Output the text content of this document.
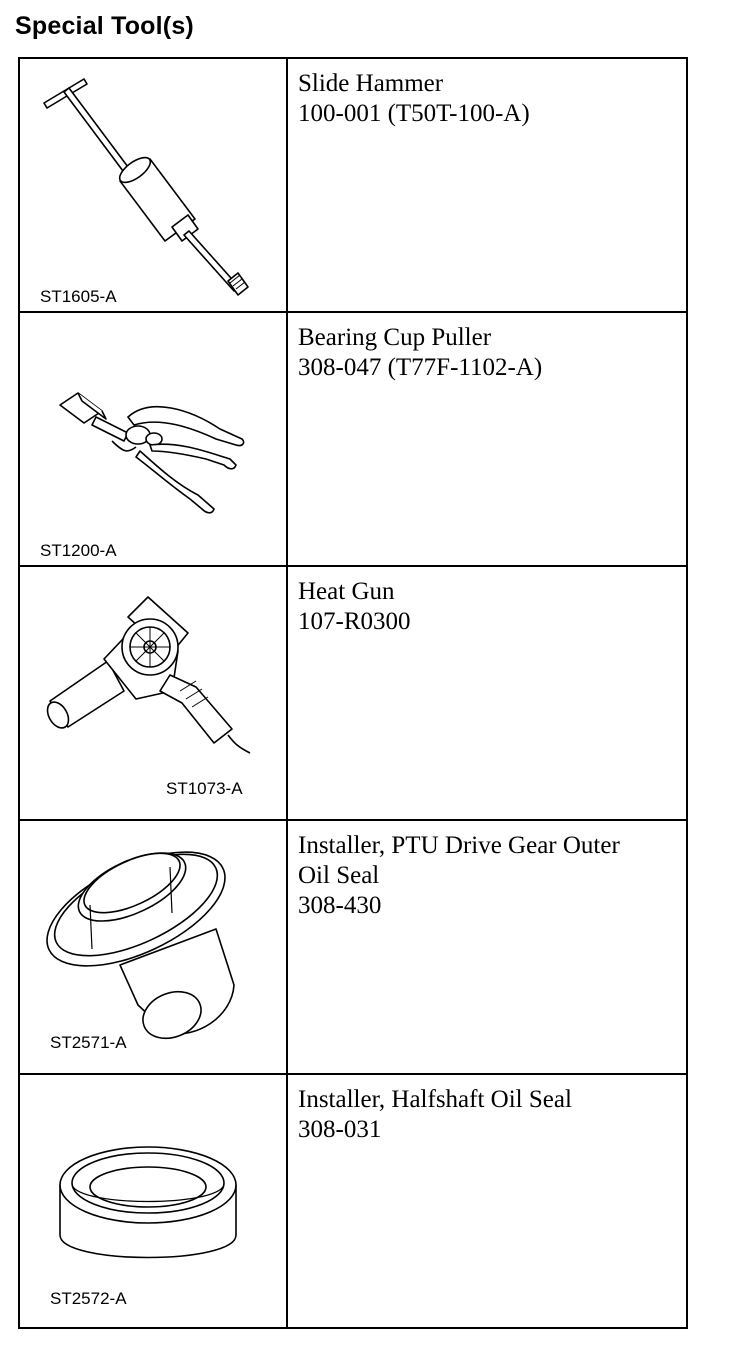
Special Tool(s)
ST1605-A	Slide Hammer
100-001 (T50T-100-A)

ST1200-A	Bearing Cup Puller
308-047 (T77F-1102-A)

ST1073-A	Heat Gun
107-R0300

ST2571-A	Installer, PTU Drive Gear Outer
Oil Seal
308-430

ST2572-A	Installer, Halfshaft Oil Seal
308-031
